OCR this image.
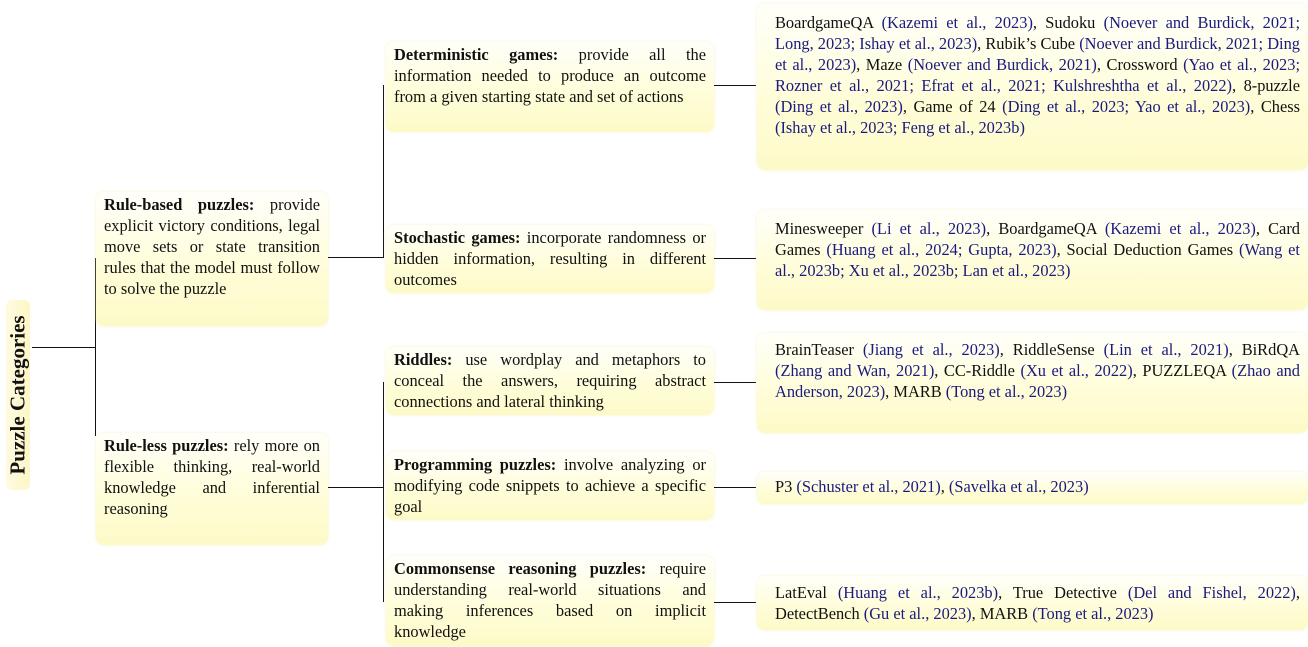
Puzzle Categories
Rule-based puzzles: provide explicit victory conditions, legal move sets or state transition rules that the model must follow to solve the puzzle
Rule-less puzzles: rely more on flexible thinking, real-world knowledge and inferential reasoning
Deterministic games: provide all the information needed to produce an outcome from a given starting state and set of actions
Stochastic games: incorporate randomness or hidden information, resulting in different outcomes
Riddles: use wordplay and metaphors to conceal the answers, requiring abstract connections and lateral thinking
Programming puzzles: involve analyzing or modifying code snippets to achieve a specific goal
Commonsense reasoning puzzles: require understanding real-world situations and making inferences based on implicit knowledge
BoardgameQA (Kazemi et al., 2023), Sudoku (Noever and Burdick, 2021; Long, 2023; Ishay et al., 2023), Rubik’s Cube (Noever and Burdick, 2021; Ding et al., 2023), Maze (Noever and Burdick, 2021), Crossword (Yao et al., 2023; Rozner et al., 2021; Efrat et al., 2021; Kulshreshtha et al., 2022), 8-puzzle (Ding et al., 2023), Game of 24 (Ding et al., 2023; Yao et al., 2023), Chess (Ishay et al., 2023; Feng et al., 2023b)
Minesweeper (Li et al., 2023), BoardgameQA (Kazemi et al., 2023), Card Games (Huang et al., 2024; Gupta, 2023), Social Deduction Games (Wang et al., 2023b; Xu et al., 2023b; Lan et al., 2023)
BrainTeaser (Jiang et al., 2023), RiddleSense (Lin et al., 2021), BiRdQA (Zhang and Wan, 2021), CC-Riddle (Xu et al., 2022), PUZZLEQA (Zhao and Anderson, 2023), MARB (Tong et al., 2023)
P3 (Schuster et al., 2021), (Savelka et al., 2023)
LatEval (Huang et al., 2023b), True Detective (Del and Fishel, 2022), DetectBench (Gu et al., 2023), MARB (Tong et al., 2023)
